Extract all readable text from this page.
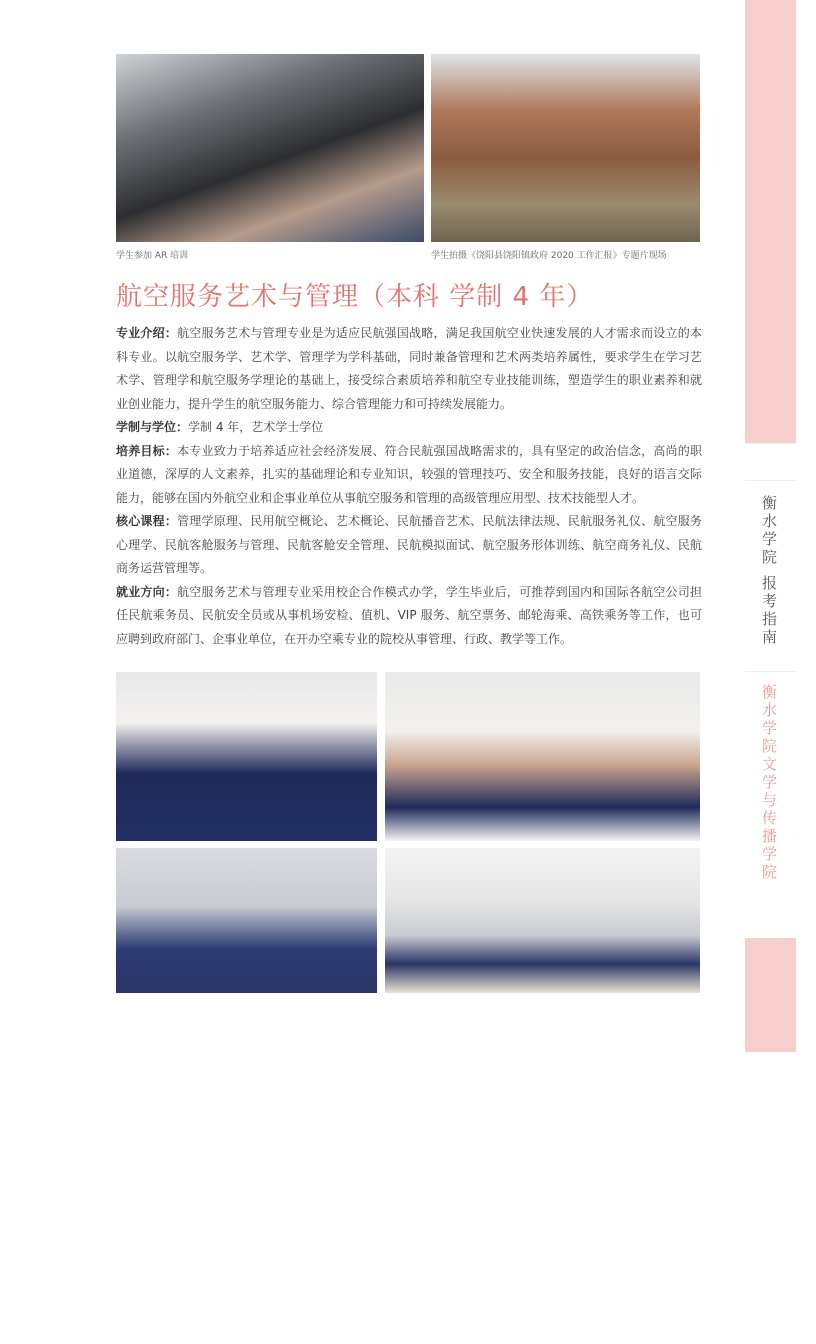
学生参加 AR 培训	学生拍摄《饶阳县饶阳镇政府 2020 工作汇报》专题片现场
航空服务艺术与管理（本科 学制 4 年）

专业介绍：航空服务艺术与管理专业是为适应民航强国战略，满足我国航空业快速发展的人才需求而设立的本科专业。以航空服务学、艺术学、管理学为学科基础，同时兼备管理和艺术两类培养属性，要求学生在学习艺术学、管理学和航空服务学理论的基础上，接受综合素质培养和航空专业技能训练，塑造学生的职业素养和就业创业能力，提升学生的航空服务能力、综合管理能力和可持续发展能力。

学制与学位：学制 4 年，艺术学士学位

培养目标：本专业致力于培养适应社会经济发展、符合民航强国战略需求的，具有坚定的政治信念，高尚的职业道德，深厚的人文素养，扎实的基础理论和专业知识，较强的管理技巧、安全和服务技能，良好的语言交际能力，能够在国内外航空业和企事业单位从事航空服务和管理的高级管理应用型、技术技能型人才。

核心课程：管理学原理、民用航空概论、艺术概论、民航播音艺术、民航法律法规、民航服务礼仪、航空服务心理学、民航客舱服务与管理、民航客舱安全管理、民航模拟面试、航空服务形体训练、航空商务礼仪、民航商务运营管理等。

就业方向：航空服务艺术与管理专业采用校企合作模式办学，学生毕业后，可推荐到国内和国际各航空公司担任民航乘务员、民航安全员或从事机场安检、值机、VIP 服务、航空票务、邮轮海乘、高铁乘务等工作，也可应聘到政府部门、企事业单位，在开办空乘专业的院校从事管理、行政、教学等工作。	衡水学院 报考指南
衡水学院文学与传播学院
